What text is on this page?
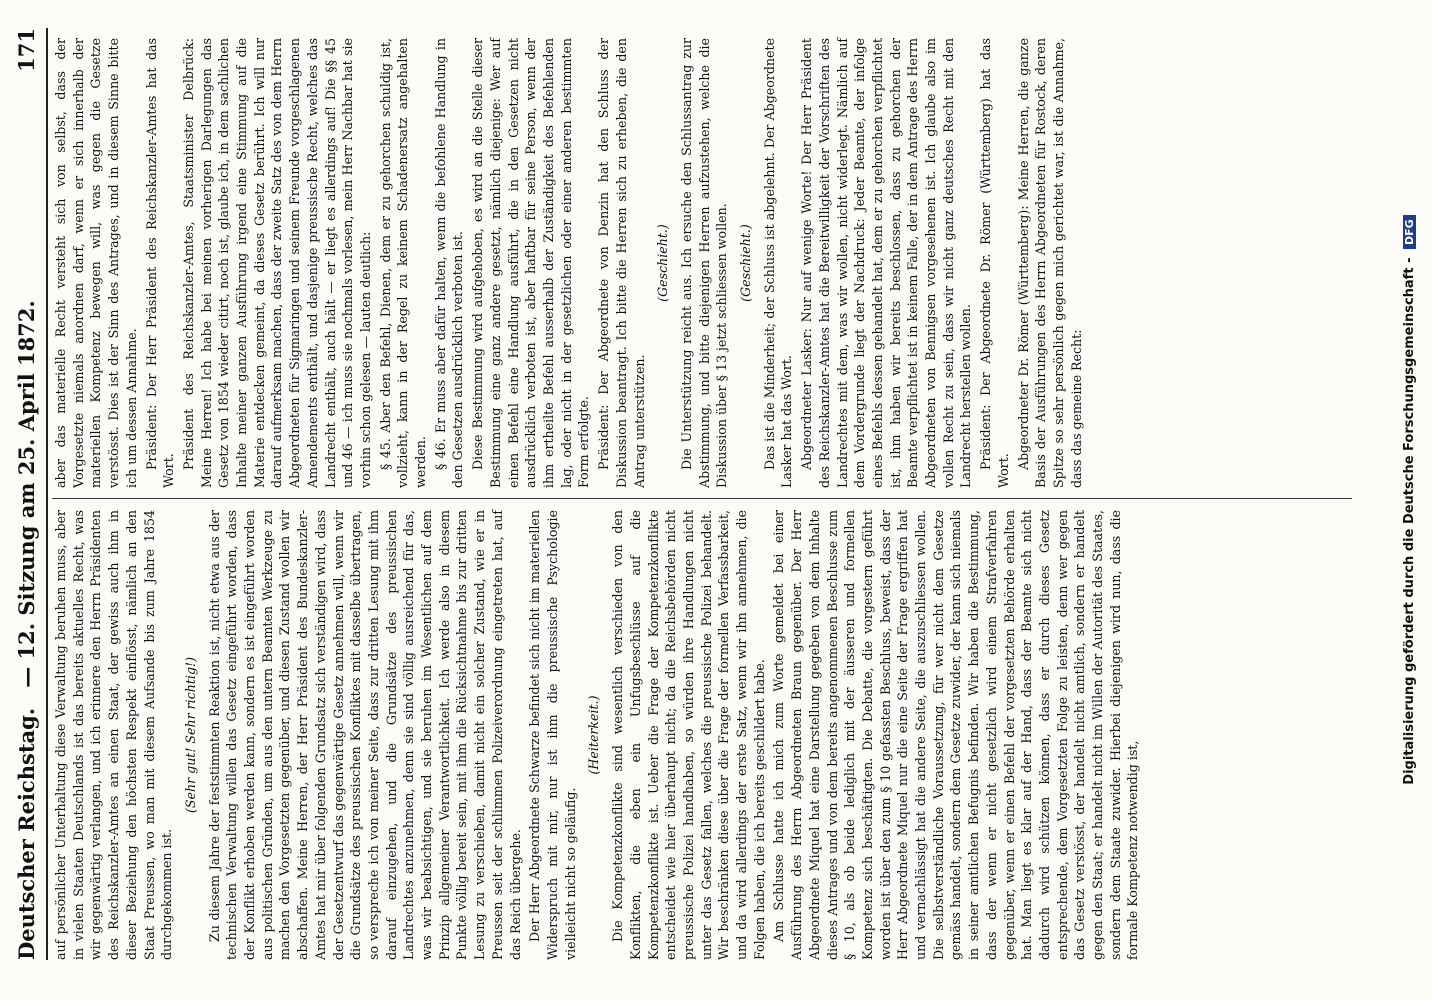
Deutscher Reichstag.
— 12. Sitzung am 25. April 1872.
171

auf persönlicher Unterhaltung diese Verwaltung beruhen muss, aber in vielen Staaten Deutschlands ist das bereits aktuelles Recht, was wir gegenwärtig verlangen, und ich erinnere den Herrn Präsidenten des Reichskanzler-Amtes an einen Staat, der gewiss auch ihm in dieser Beziehung den höchsten Respekt einflösst, nämlich an den Staat Preussen, wo man mit diesem Aufsande bis zum Jahre 1854 durchgekommen ist.

(Sehr gut! Sehr richtig!) Zu diesem Jahre der feststimmten Reaktion ist, nicht etwa aus der technischen Verwaltung willen das Gesetz eingeführt worden, dass der Konflikt erhoben werden kann, sondern es ist eingeführt worden aus politischen Gründen, um aus den untern Beamten Werkzeuge zu machen den Vorgesetzten gegenüber, und diesen Zustand wollen wir abschaffen. Meine Herren, der Herr Präsident des Bundeskanzler-Amtes hat mir über folgenden Grundsatz sich verständigen wird, dass der Gesetzentwurf das gegenwärtige Gesetz annehmen will, wenn wir die Grundsätze des preussischen Konfliktes mit dasselbe übertragen, so verspreche ich von meiner Seite, dass zur dritten Lesung mit ihm darauf einzugehen, und die Grundsätze des preussischen Landrechtes anzunehmen, denn sie sind völlig ausreichend für das, was wir beabsichtigen, und sie beruhen im Wesentlichen auf dem Prinzip allgemeiner Verantwortlichkeit. Ich werde also in diesem Punkte völlig bereit sein, mit ihm die Rücksichtnahme bis zur dritten Lesung zu verschieben, damit nicht ein solcher Zustand, wie er in Preussen seit der schlimmen Polizeiverordnung eingetreten hat, auf das Reich übergehe. Der Herr Abgeordnete Schwarze befindet sich nicht im materiellen Widerspruch mit mir, nur ist ihm die preussische Psychologie vielleicht nicht so geläufig.

(Heiterkeit.) Die Kompetenzkonflikte sind wesentlich verschieden von den Konflikten, die eben ein Unfugsbeschlüsse auf die Kompetenzkonflikte ist. Ueber die Frage der Kompetenzkonflikte entscheidet wie hier überhaupt nicht; da die Reichsbehörden nicht preussische Polizei handhaben, so würden ihre Handlungen nicht unter das Gesetz fallen, welches die preussische Polizei behandelt. Wir beschränken diese über die Frage der formellen Verfassbarkeit, und da wird allerdings der erste Satz, wenn wir ihn annehmen, die Folgen haben, die ich bereits geschildert habe. Am Schlusse hatte ich mich zum Worte gemeldet bei einer Ausführung des Herrn Abgeordneten Braun gegenüber. Der Herr Abgeordnete Miquel hat eine Darstellung gegeben von dem Inhalte dieses Antrages und von dem bereits angenommenen Beschlusse zum § 10, als ob beide lediglich mit der äusseren und formellen Kompetenz sich beschäftigten. Die Debatte, die vorgestern geführt worden ist über den zum § 10 gefassten Beschluss, beweist, dass der Herr Abgeordnete Miquel nur die eine Seite der Frage ergriffen hat und vernachlässigt hat die andere Seite, die auszuschliessen wollen. Die selbstverständliche Voraussetzung, für wer nicht dem Gesetze gemäss handelt, sondern dem Gesetze zuwider, der kann sich niemals in seiner amtlichen Befugnis befinden. Wir haben die Bestimmung, dass der wenn er nicht gesetzlich wird einem Strafverfahren gegenüber, wenn er einen Befehl der vorgesetzten Behörde erhalten hat. Man liegt es klar auf der Hand, dass der Beamte sich nicht dadurch wird schützen können, dass er durch dieses Gesetz entsprechende, dem Vorgesetzten Folge zu leisten, denn wer gegen das Gesetz verstösst, der handelt nicht amtlich, sondern er handelt gegen den Staat; er handelt nicht im Willen der Autorität des Staates, sondern dem Staate zuwider. Hierbei diejenigen wird nun, dass die formale Kompetenz notwendig ist,

aber das materielle Recht versteht sich von selbst, dass der Vorgesetzte niemals anordnen darf, wenn er sich innerhalb der materiellen Kompetenz bewegen will, was gegen die Gesetze verstösst. Dies ist der Sinn des Antrages, und in diesem Sinne bitte ich um dessen Annahme. Präsident: Der Herr Präsident des Reichskanzler-Amtes hat das Wort.

Präsident des Reichskanzler-Amtes, Staatsminister Delbrück: Meine Herren! Ich habe bei meinen vorherigen Darlegungen das Gesetz von 1854 wieder citirt, noch ist, glaube ich, in dem sachlichen Inhalte meiner ganzen Ausführung irgend eine Stimmung auf die Materie entdecken gemeint, da dieses Gesetz berührt. Ich will nur darauf aufmerksam machen, dass der zweite Satz des von dem Herrn Abgeordneten für Sigmaringen und seinem Freunde vorgeschlagenen Amendements enthält, und dasjenige preussische Recht, welches das Landrecht enthält, auch hält — er liegt es allerdings auf! Die §§ 45 und 46 — ich muss sie nochmals vorlesen, mein Herr Nachbar hat sie vorhin schon gelesen — lauten deutlich: § 45. Aber den Befehl, Dienen, dem er zu gehorchen schuldig ist, vollzieht, kann in der Regel zu keinem Schadenersatz angehalten werden. § 46. Er muss aber dafür halten, wenn die befohlene Handlung in den Gesetzen ausdrücklich verboten ist. Diese Bestimmung wird aufgehoben, es wird an die Stelle dieser Bestimmung eine ganz andere gesetzt, nämlich diejenige: Wer auf einen Befehl eine Handlung ausführt, die in den Gesetzen nicht ausdrücklich verboten ist, aber haftbar für seine Person, wenn der ihm ertheilte Befehl ausserhalb der Zuständigkeit des Befehlenden lag, oder nicht in der gesetzlichen oder einer anderen bestimmten Form erfolgte. Präsident: Der Abgeordnete von Denzin hat den Schluss der Diskussion beantragt. Ich bitte die Herren sich zu erheben, die den Antrag unterstützen.

(Geschieht.) Die Unterstützung reicht aus. Ich ersuche den Schlussantrag zur Abstimmung, und bitte diejenigen Herren aufzustehen, welche die Diskussion über § 13 jetzt schliessen wollen. (Geschieht.) Das ist die Minderheit; der Schluss ist abgelehnt. Der Abgeordnete Lasker hat das Wort. Abgeordneter Lasker: Nur auf wenige Worte! Der Herr Präsident des Reichskanzler-Amtes hat die Bereitwilligkeit der Vorschriften des Landrechtes mit dem, was wir wollen, nicht widerlegt. Nämlich auf dem Vordergrunde liegt der Nachdruck: Jeder Beamte, der infolge eines Befehls dessen gehandelt hat, dem er zu gehorchen verpflichtet ist, ihm haben wir bereits beschlossen, dass zu gehorchen der Beamte verpflichtet ist in keinem Falle, der in dem Antrage des Herrn Abgeordneten von Bennigsen vorgesehenen ist. Ich glaube also im vollen Recht zu sein, dass wir nicht ganz deutsches Recht mit den Landrecht herstellen wollen. Präsident: Der Abgeordnete Dr. Römer (Württemberg) hat das Wort.

Abgeordneter Dr. Römer (Württemberg): Meine Herren, die ganze Basis der Ausführungen des Herrn Abgeordneten für Rostock, deren Spitze so sehr persönlich gegen mich gerichtet war, ist die Annahme, dass das gemeine Recht:	Digitalisierung gefördert durch die Deutsche Forschungsgemeinschaft - DFG
